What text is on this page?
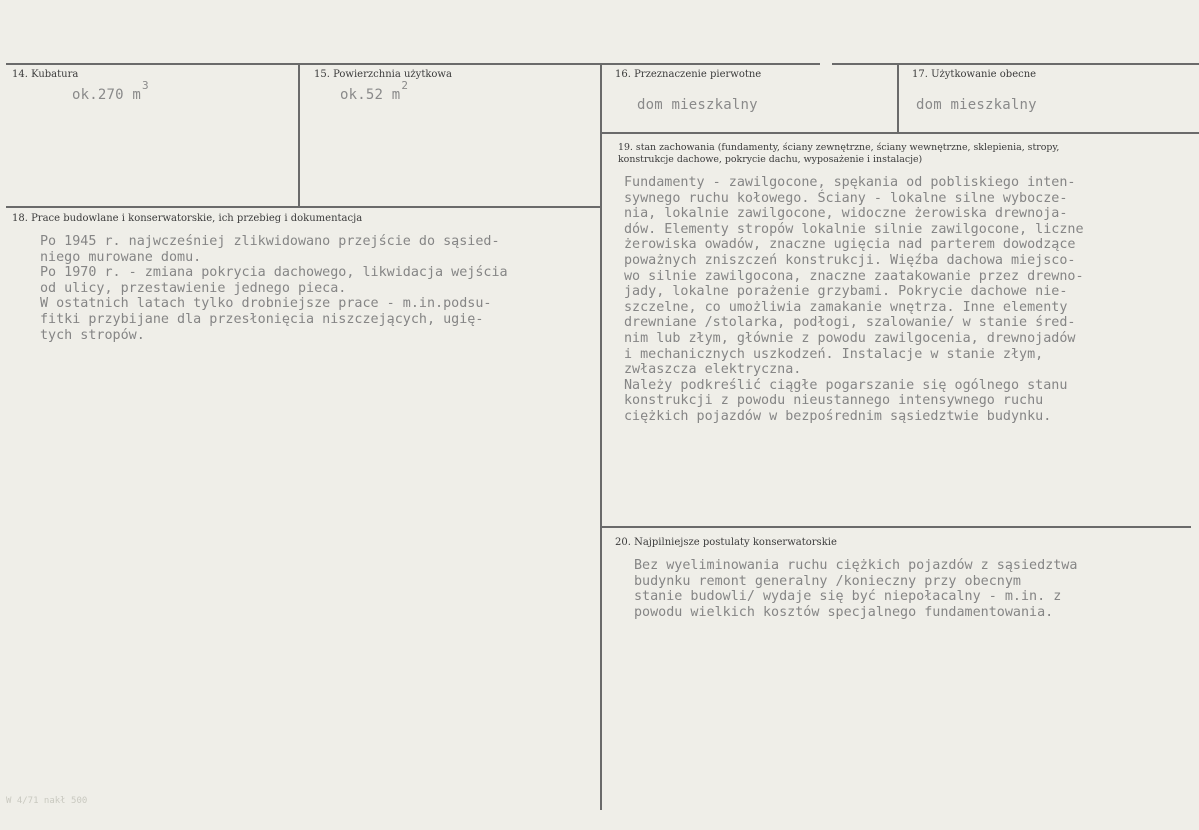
14. Kubatura
ok.270 $m^3$
15. Powierzchnia użytkowa
ok.52 $m^2$
16. Przeznaczenie pierwotne
dom mieszkalny
17. Użytkowanie obecne
dom mieszkalny
18. Prace budowlane i konserwatorskie, ich przebieg i dokumentacja
Po 1945 r. najwcześniej zlikwidowano przejście do sąsied-
niego murowane domu.
Po 1970 r. - zmiana pokrycia dachowego, likwidacja wejścia
od ulicy, przestawienie jednego pieca.
W ostatnich latach tylko drobniejsze prace - m.in.podsu-
fitki przybijane dla przesłonięcia niszczejących, ugię-
tych stropów.
19. stan zachowania (fundamenty, ściany zewnętrzne, ściany wewnętrzne, sklepienia, stropy,
konstrukcje dachowe, pokrycie dachu, wyposażenie i instalacje)
Fundamenty - zawilgocone, spękania od pobliskiego inten-
sywnego ruchu kołowego. Ściany - lokalne silne wybocze-
nia, lokalnie zawilgocone, widoczne żerowiska drewnoja-
dów. Elementy stropów lokalnie silnie zawilgocone, liczne
żerowiska owadów, znaczne ugięcia nad parterem dowodzące
poważnych zniszczeń konstrukcji. Więźba dachowa miejsco-
wo silnie zawilgocona, znaczne zaatakowanie przez drewno-
jady, lokalne porażenie grzybami. Pokrycie dachowe nie-
szczelne, co umożliwia zamakanie wnętrza. Inne elementy
drewniane /stolarka, podłogi, szalowanie/ w stanie śred-
nim lub złym, głównie z powodu zawilgocenia, drewnojadów
i mechanicznych uszkodzeń. Instalacje w stanie złym,
zwłaszcza elektryczna.
Należy podkreślić ciągłe pogarszanie się ogólnego stanu
konstrukcji z powodu nieustannego intensywnego ruchu
ciężkich pojazdów w bezpośrednim sąsiedztwie budynku.
20. Najpilniejsze postulaty konserwatorskie
Bez wyeliminowania ruchu ciężkich pojazdów z sąsiedztwa
budynku remont generalny /konieczny przy obecnym
stanie budowli/ wydaje się być niepołacalny - m.in. z
powodu wielkich kosztów specjalnego fundamentowania.
W 4/71 nakł 500
